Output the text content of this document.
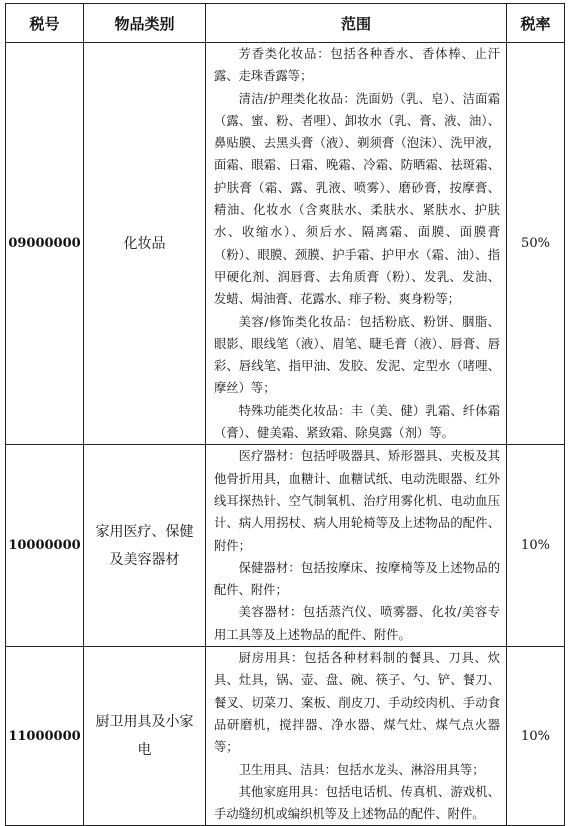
税号	物品类别	范围	税率
09000000	化妆品	芳香类化妆品：包括各种香水、香体棒、止汗露、走珠香露等；

清洁/护理类化妆品：洗面奶（乳、皂）、洁面霜（露、蜜、粉、者哩）、卸妆水（乳、膏、液、油）、鼻贴膜、去黑头膏（液）、剃须膏（泡沫）、洗甲液，面霜、眼霜、日霜、晚霜、冷霜、防晒霜、祛斑霜、护肤膏（霜、露、乳液、喷雾）、磨砂膏，按摩膏、精油、化妆水（含爽肤水、柔肤水、紧肤水、护肤水、收缩水）、须后水、隔离霜、面膜、面膜膏（粉）、眼膜、颈膜、护手霜、护甲水（霜、油）、指甲硬化剂、润唇膏、去角质膏（粉）、发乳、发油、发蜡、焗油膏、花露水、痱子粉、爽身粉等；

美容/修饰类化妆品：包括粉底、粉饼、胭脂、眼影、眼线笔（液）、眉笔、睫毛膏（液）、唇膏、唇彩、唇线笔、指甲油、发胶、发泥、定型水（啫哩、摩丝）等；

特殊功能类化妆品：丰（美、健）乳霜、纤体霜（膏）、健美霜、紧致霜、除臭露（剂）等。	50%
10000000	家用医疗、保健及美容器材	医疗器材：包括呼吸器具、矫形器具、夹板及其他骨折用具，血糖计、血糖试纸、电动洗眼器、红外线耳探热针、空气制氧机、治疗用雾化机、电动血压计、病人用拐杖、病人用轮椅等及上述物品的配件、附件；

保健器材：包括按摩床、按摩椅等及上述物品的配件、附件；

美容器材：包括蒸汽仪、喷雾器、化妆/美容专用工具等及上述物品的配件、附件。	10%
11000000	厨卫用具及小家电	厨房用具：包括各种材料制的餐具、刀具、炊具、灶具，锅、壶、盘、碗、筷子、勺、铲、餐刀、餐叉、切菜刀、案板、削皮刀、手动绞肉机、手动食品研磨机，搅拌器、净水器、煤气灶、煤气点火器等；

卫生用具、洁具：包括水龙头、淋浴用具等；

其他家庭用具：包括电话机、传真机、游戏机、手动缝纫机或编织机等及上述物品的配件、附件。	10%
